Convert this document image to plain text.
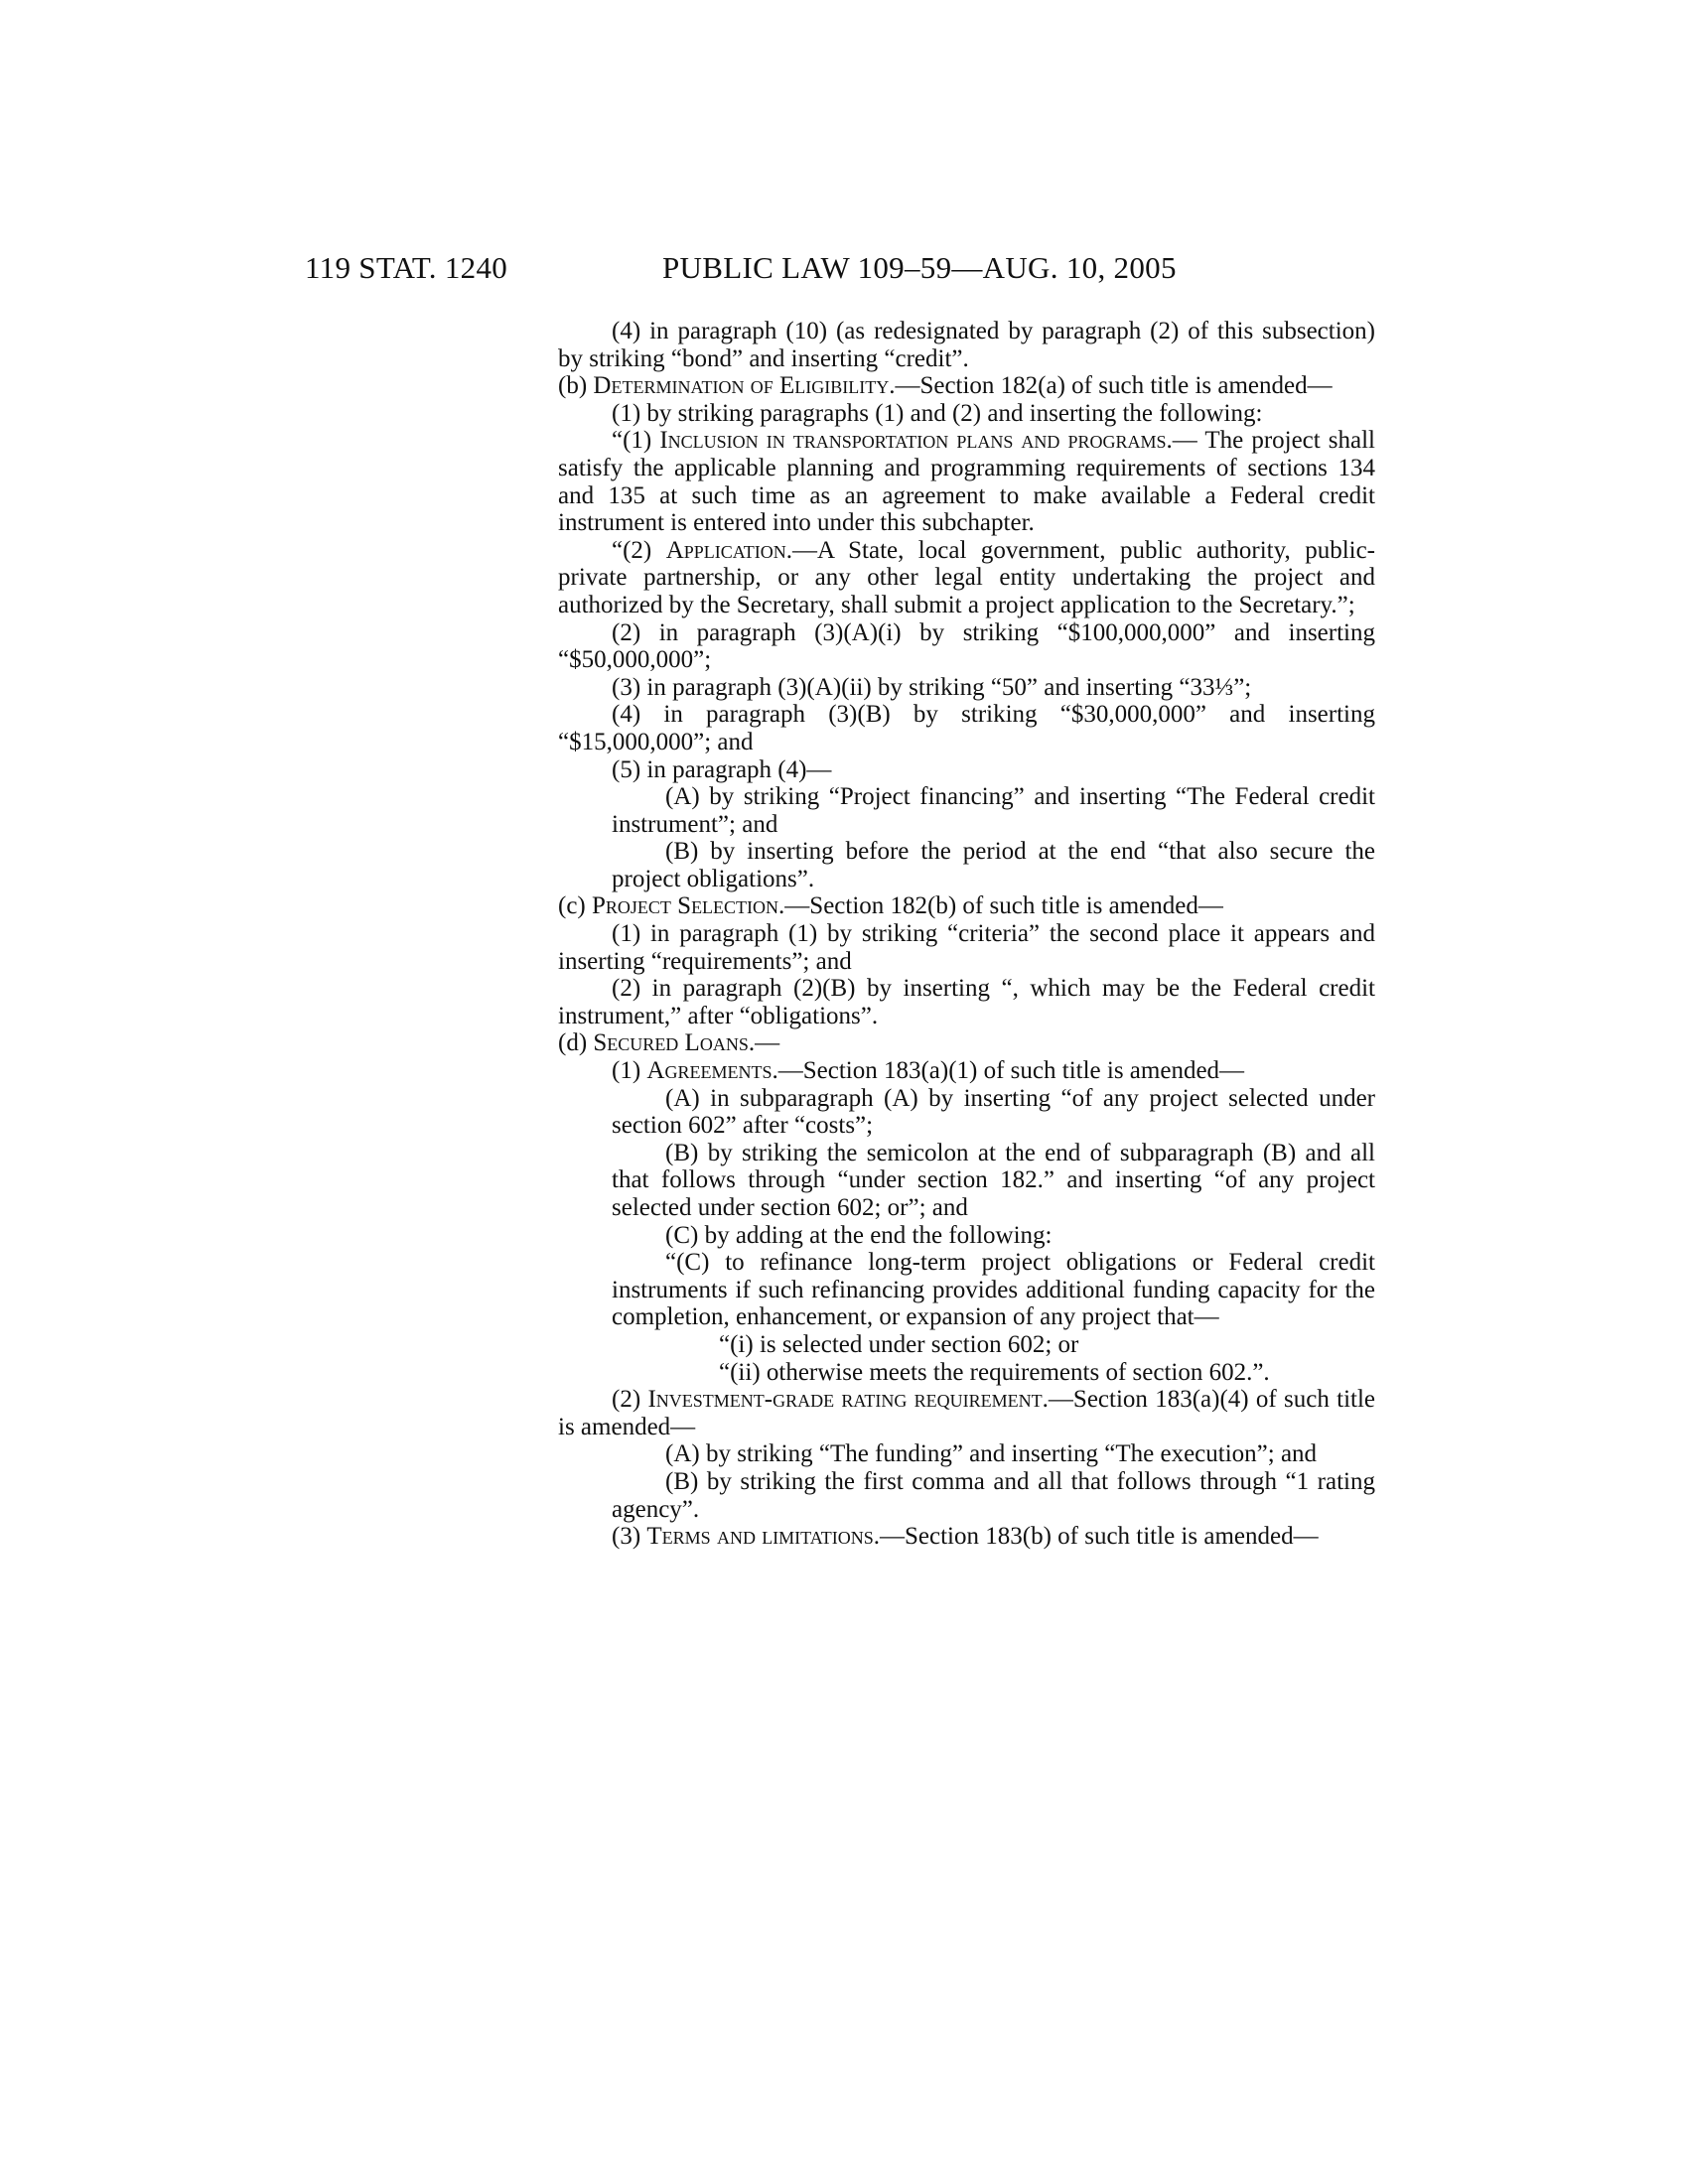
119 STAT. 1240	PUBLIC LAW 109–59—AUG. 10, 2005

(4) in paragraph (10) (as redesignated by paragraph (2) of this subsection) by striking “bond” and inserting “credit”.

(b) Determination of Eligibility.—Section 182(a) of such title is amended—

(1) by striking paragraphs (1) and (2) and inserting the following:

“(1) Inclusion in transportation plans and programs.— The project shall satisfy the applicable planning and programming requirements of sections 134 and 135 at such time as an agreement to make available a Federal credit instrument is entered into under this subchapter.

“(2) Application.—A State, local government, public authority, public-private partnership, or any other legal entity undertaking the project and authorized by the Secretary, shall submit a project application to the Secretary.”;

(2) in paragraph (3)(A)(i) by striking “$100,000,000” and inserting “$50,000,000”;

(3) in paragraph (3)(A)(ii) by striking “50” and inserting “33⅓”;

(4) in paragraph (3)(B) by striking “$30,000,000” and inserting “$15,000,000”; and

(5) in paragraph (4)—

(A) by striking “Project financing” and inserting “The Federal credit instrument”; and

(B) by inserting before the period at the end “that also secure the project obligations”.

(c) Project Selection.—Section 182(b) of such title is amended—

(1) in paragraph (1) by striking “criteria” the second place it appears and inserting “requirements”; and

(2) in paragraph (2)(B) by inserting “, which may be the Federal credit instrument,” after “obligations”.

(d) Secured Loans.—

(1) Agreements.—Section 183(a)(1) of such title is amended—

(A) in subparagraph (A) by inserting “of any project selected under section 602” after “costs”;

(B) by striking the semicolon at the end of subparagraph (B) and all that follows through “under section 182.” and inserting “of any project selected under section 602; or”; and

(C) by adding at the end the following:

“(C) to refinance long-term project obligations or Federal credit instruments if such refinancing provides additional funding capacity for the completion, enhancement, or expansion of any project that—

“(i) is selected under section 602; or

“(ii) otherwise meets the requirements of section 602.”.

(2) Investment-grade rating requirement.—Section 183(a)(4) of such title is amended—

(A) by striking “The funding” and inserting “The execution”; and

(B) by striking the first comma and all that follows through “1 rating agency”.

(3) Terms and limitations.—Section 183(b) of such title is amended—
